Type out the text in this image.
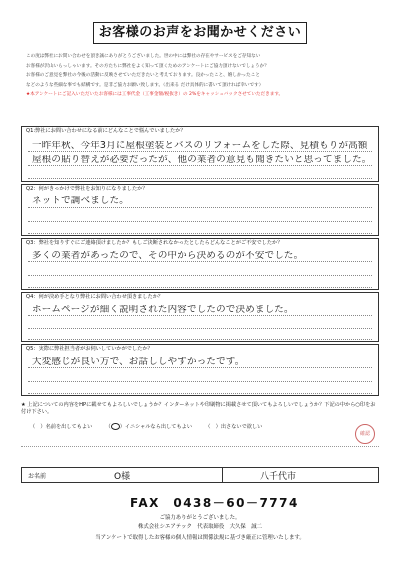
お客様のお声をお聞かせください

この度は弊社にお問い合わせを頂き誠にありがとうございました。世の中には弊社の存在やサービスをご存知ない

お客様が沢山いらっしゃいます。その方たちに弊社をよく知って頂くためのアンケートにご協力頂けないでしょうか？

お客様のご意見を弊社の今後の活動に反映させていただきたいと考えております。良かったこと、嬉しかったこと

などのような些細な事でも結構です。是非ご協力お願い致します。（出来る だけ具体的に書いて頂ければ幸いです）

★本アンケートにご記入いただいたお客様には工事代金（工事金額/税抜き）の 2%をキャッシュバックさせていただきます。

Q1:弊社にお問い合わせになる前にどんなことで悩んでいましたか？
一昨年秋、今年3月に屋根塗装とバスのリフォームをした際、見積もりが高額
屋根の貼り替えが必要だったが、他の業者の意見も聞きたいと思ってました。
Q2：何がきっかけで弊社をお知りになりましたか？
ネットで調べました。
Q3：弊社を知りすぐにご連絡頂けましたか？もしご決断されなかったとしたらどんなことがご不安でしたか？
多くの業者があったので、その中から決めるのが不安でした。
Q4：何が決め手となり弊社にお問い合わせ頂きましたか？
ホームページが細く説明された内容でしたので決めました。
Q5：実際に弊社担当者がお伺いしていかがでしたか？
大変感じが良い方で、お話ししやすかったです。
★ 上記についての内容をHPに載せてもよろしいでしょうか？インターネットや印刷物に掲載させて頂いてもよろしいでしょうか？下記の中から○印をお付け下さい。
（　）名前を出してもよい	（ ）イニシャルなら出してもよい	（　）出さないで欲しい
確認
お名前	O様	八千代市
FAX　0438－60－7774
ご協力ありがとうございました。
株式会社シエアテック　代表取締役　大久保　誠二
当アンケートで取得したお客様の個人情報は関係法規に基づき厳正に管理いたします。
